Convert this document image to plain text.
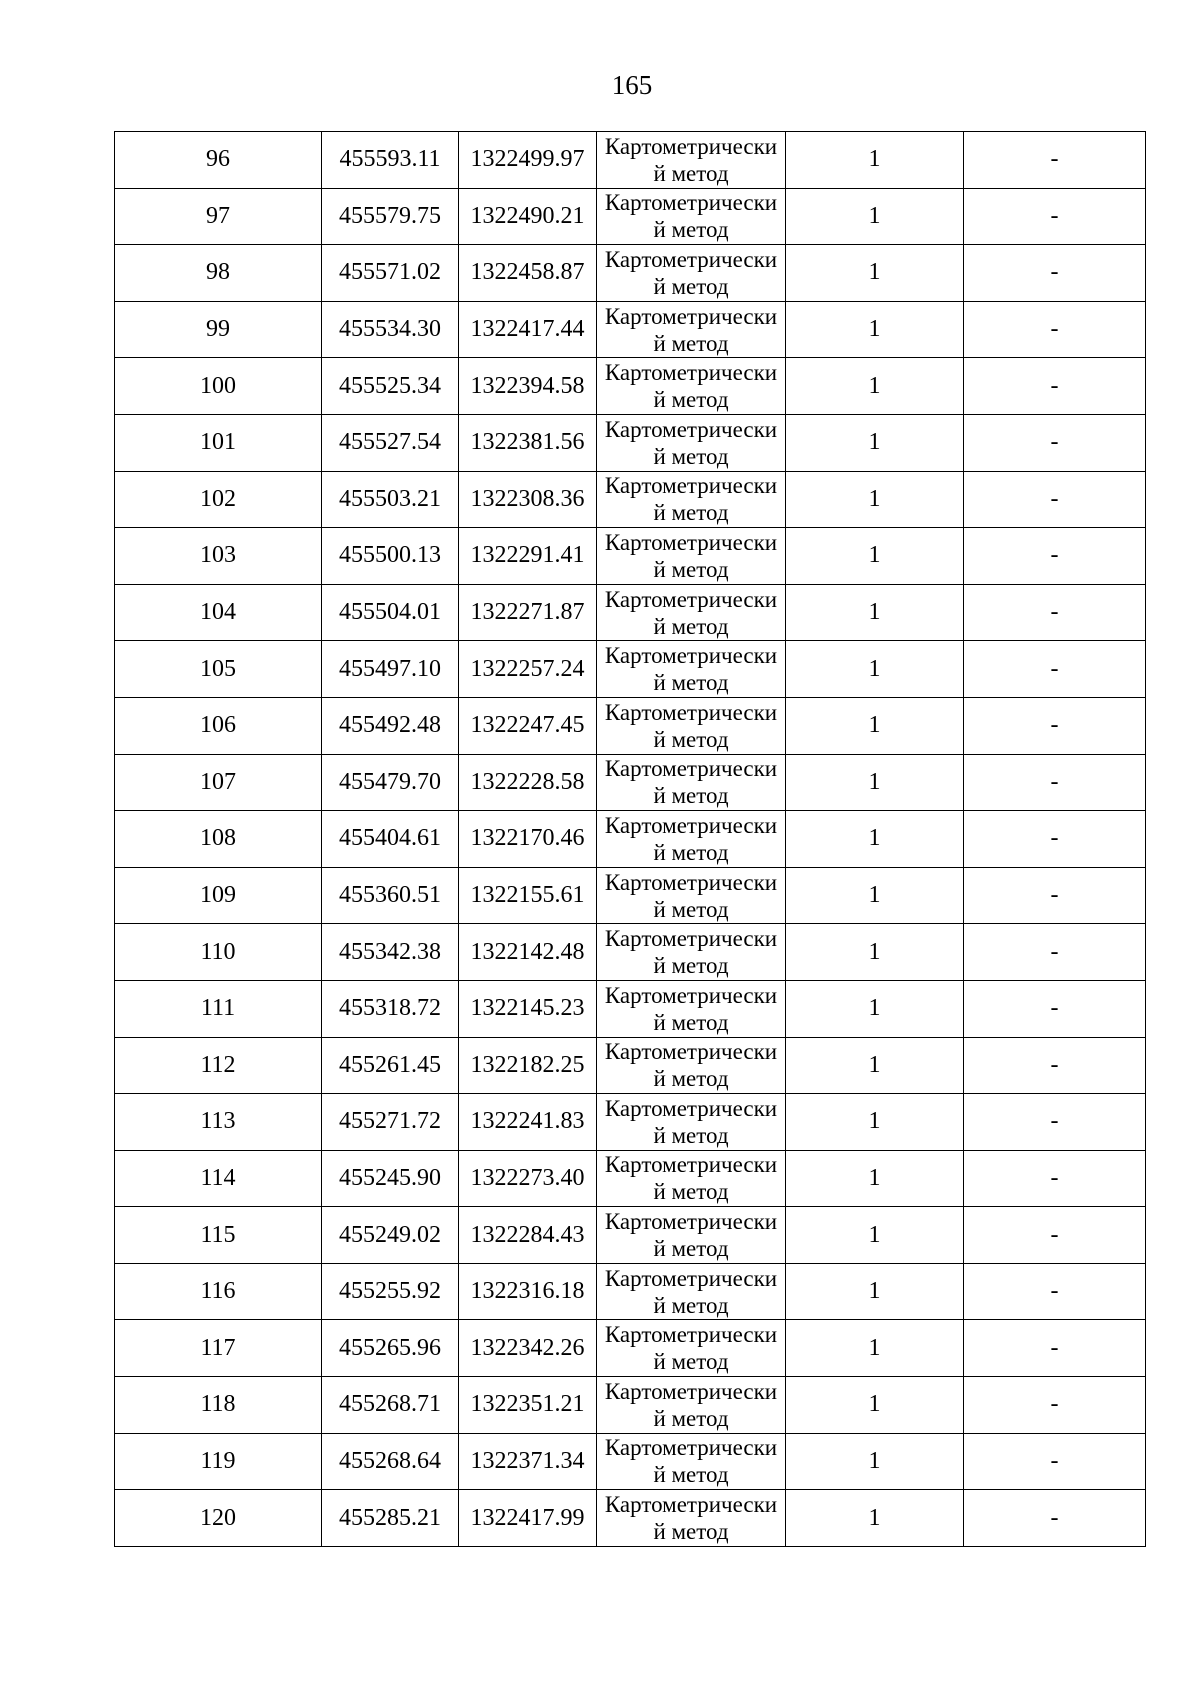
165
96	455593.11	1322499.97	Картометрический метод	1	-
97	455579.75	1322490.21	Картометрический метод	1	-
98	455571.02	1322458.87	Картометрический метод	1	-
99	455534.30	1322417.44	Картометрический метод	1	-
100	455525.34	1322394.58	Картометрический метод	1	-
101	455527.54	1322381.56	Картометрический метод	1	-
102	455503.21	1322308.36	Картометрический метод	1	-
103	455500.13	1322291.41	Картометрический метод	1	-
104	455504.01	1322271.87	Картометрический метод	1	-
105	455497.10	1322257.24	Картометрический метод	1	-
106	455492.48	1322247.45	Картометрический метод	1	-
107	455479.70	1322228.58	Картометрический метод	1	-
108	455404.61	1322170.46	Картометрический метод	1	-
109	455360.51	1322155.61	Картометрический метод	1	-
110	455342.38	1322142.48	Картометрический метод	1	-
111	455318.72	1322145.23	Картометрический метод	1	-
112	455261.45	1322182.25	Картометрический метод	1	-
113	455271.72	1322241.83	Картометрический метод	1	-
114	455245.90	1322273.40	Картометрический метод	1	-
115	455249.02	1322284.43	Картометрический метод	1	-
116	455255.92	1322316.18	Картометрический метод	1	-
117	455265.96	1322342.26	Картометрический метод	1	-
118	455268.71	1322351.21	Картометрический метод	1	-
119	455268.64	1322371.34	Картометрический метод	1	-
120	455285.21	1322417.99	Картометрический метод	1	-
